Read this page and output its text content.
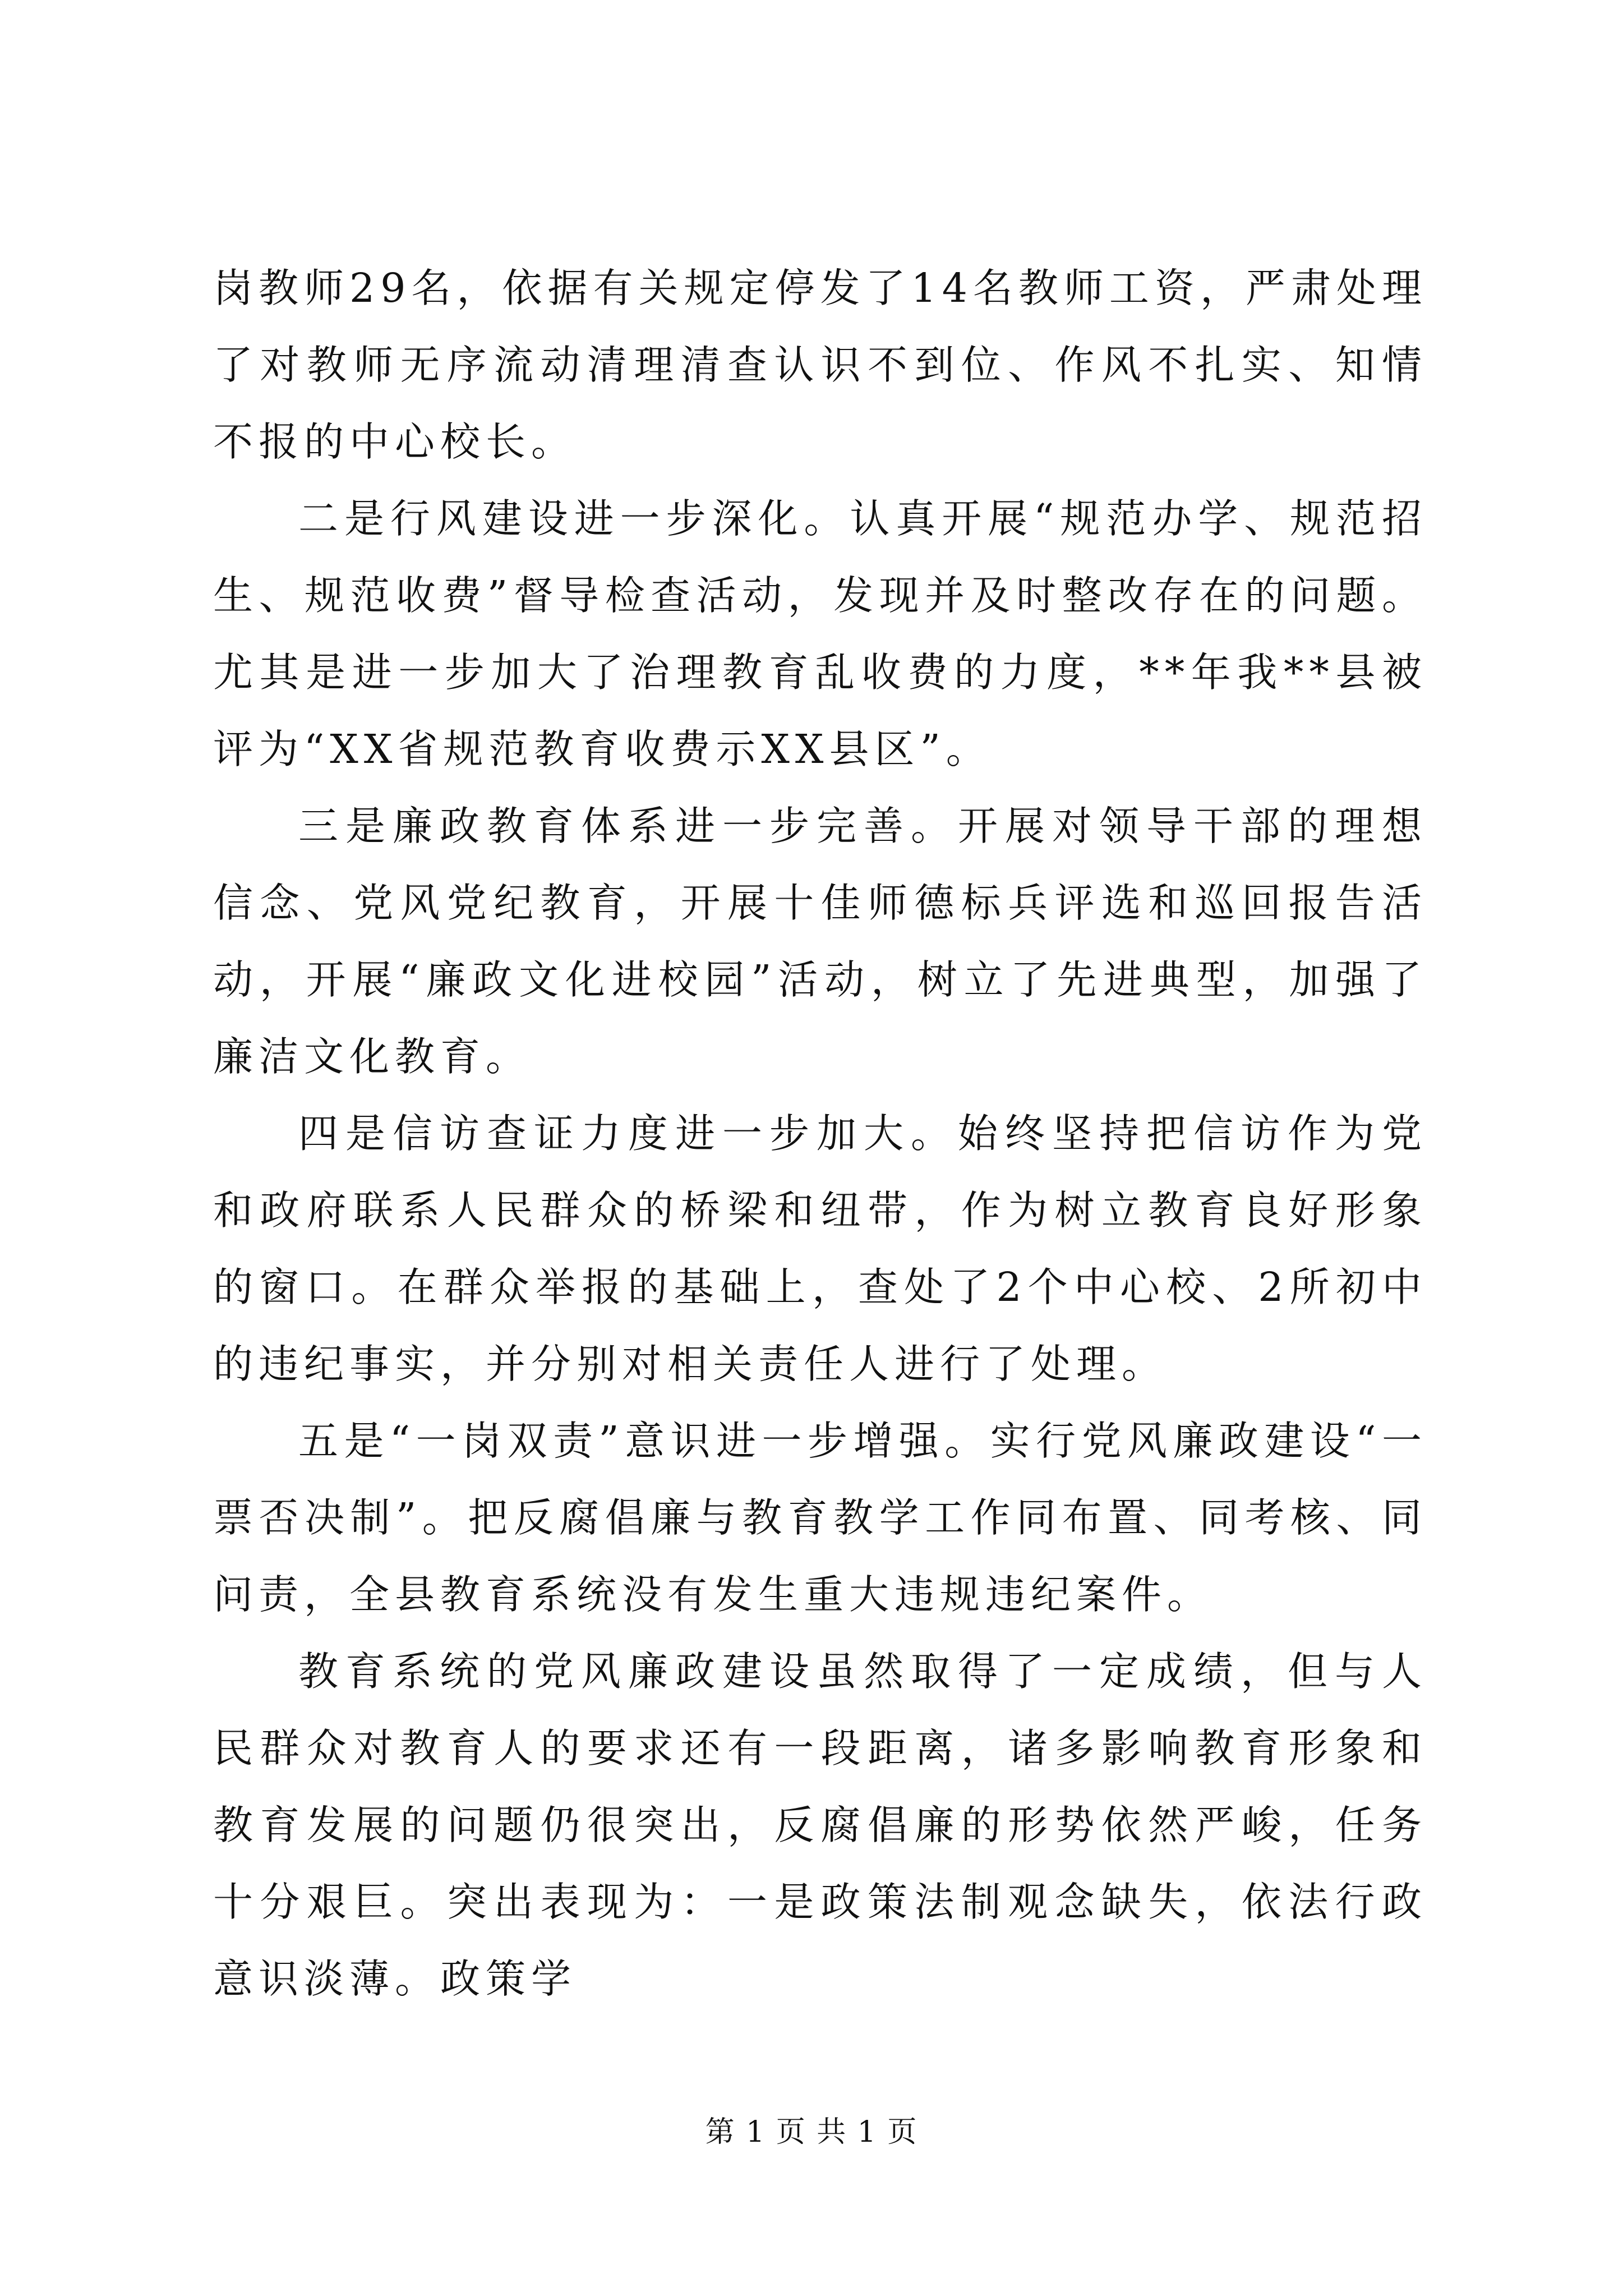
岗教师29名，依据有关规定停发了14名教师工资，严肃处理了对教师无序流动清理清查认识不到位、作风不扎实、知情不报的中心校长。

二是行风建设进一步深化。认真开展“规范办学、规范招生、规范收费”督导检查活动，发现并及时整改存在的问题。尤其是进一步加大了治理教育乱收费的力度，**年我**县被评为“XX省规范教育收费示XX县区”。

三是廉政教育体系进一步完善。开展对领导干部的理想信念、党风党纪教育，开展十佳师德标兵评选和巡回报告活动，开展“廉政文化进校园”活动，树立了先进典型，加强了廉洁文化教育。

四是信访查证力度进一步加大。始终坚持把信访作为党和政府联系人民群众的桥梁和纽带，作为树立教育良好形象的窗口。在群众举报的基础上，查处了2个中心校、2所初中的违纪事实，并分别对相关责任人进行了处理。

五是“一岗双责”意识进一步增强。实行党风廉政建设“一票否决制”。把反腐倡廉与教育教学工作同布置、同考核、同问责，全县教育系统没有发生重大违规违纪案件。

教育系统的党风廉政建设虽然取得了一定成绩，但与人民群众对教育人的要求还有一段距离，诸多影响教育形象和教育发展的问题仍很突出，反腐倡廉的形势依然严峻，任务十分艰巨。突出表现为：一是政策法制观念缺失，依法行政意识淡薄。政策学

第 1 页 共 1 页
